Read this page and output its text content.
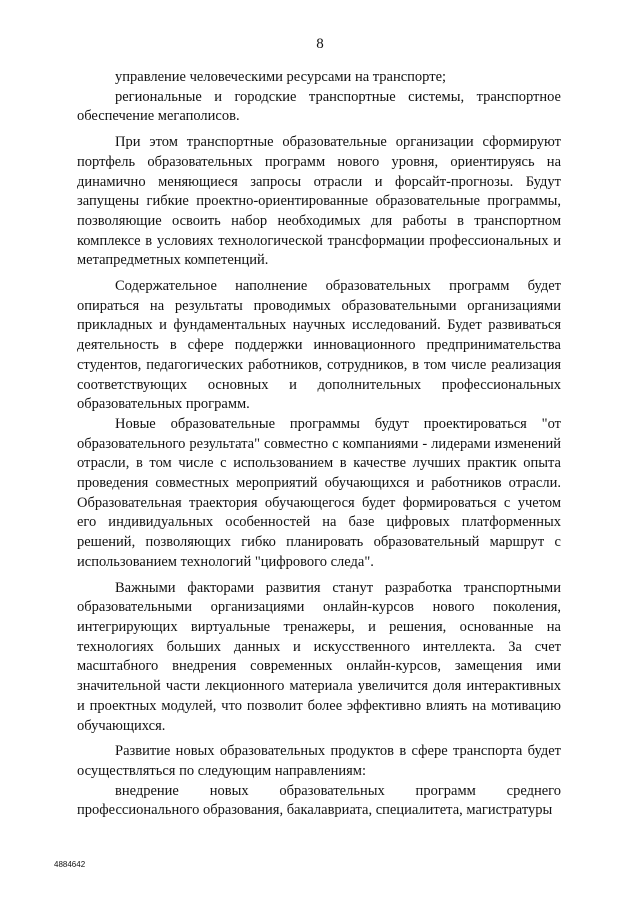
8

управление человеческими ресурсами на транспорте;

региональные и городские транспортные системы, транспортное обеспечение мегаполисов.

При этом транспортные образовательные организации сформируют портфель образовательных программ нового уровня, ориентируясь на динамично меняющиеся запросы отрасли и форсайт-прогнозы. Будут запущены гибкие проектно-ориентированные образовательные программы, позволяющие освоить набор необходимых для работы в транспортном комплексе в условиях технологической трансформации профессиональных и метапредметных компетенций.

Содержательное наполнение образовательных программ будет опираться на результаты проводимых образовательными организациями прикладных и фундаментальных научных исследований. Будет развиваться деятельность в сфере поддержки инновационного предпринимательства студентов, педагогических работников, сотрудников, в том числе реализация соответствующих основных и дополнительных профессиональных образовательных программ.

Новые образовательные программы будут проектироваться "от образовательного результата" совместно с компаниями - лидерами изменений отрасли, в том числе с использованием в качестве лучших практик опыта проведения совместных мероприятий обучающихся и работников отрасли. Образовательная траектория обучающегося будет формироваться с учетом его индивидуальных особенностей на базе цифровых платформенных решений, позволяющих гибко планировать образовательный маршрут с использованием технологий "цифрового следа".

Важными факторами развития станут разработка транспортными образовательными организациями онлайн-курсов нового поколения, интегрирующих виртуальные тренажеры, и решения, основанные на технологиях больших данных и искусственного интеллекта. За счет масштабного внедрения современных онлайн-курсов, замещения ими значительной части лекционного материала увеличится доля интерактивных и проектных модулей, что позволит более эффективно влиять на мотивацию обучающихся.

Развитие новых образовательных продуктов в сфере транспорта будет осуществляться по следующим направлениям:

внедрение новых образовательных программ среднего профессионального образования, бакалавриата, специалитета, магистратуры

4884642
